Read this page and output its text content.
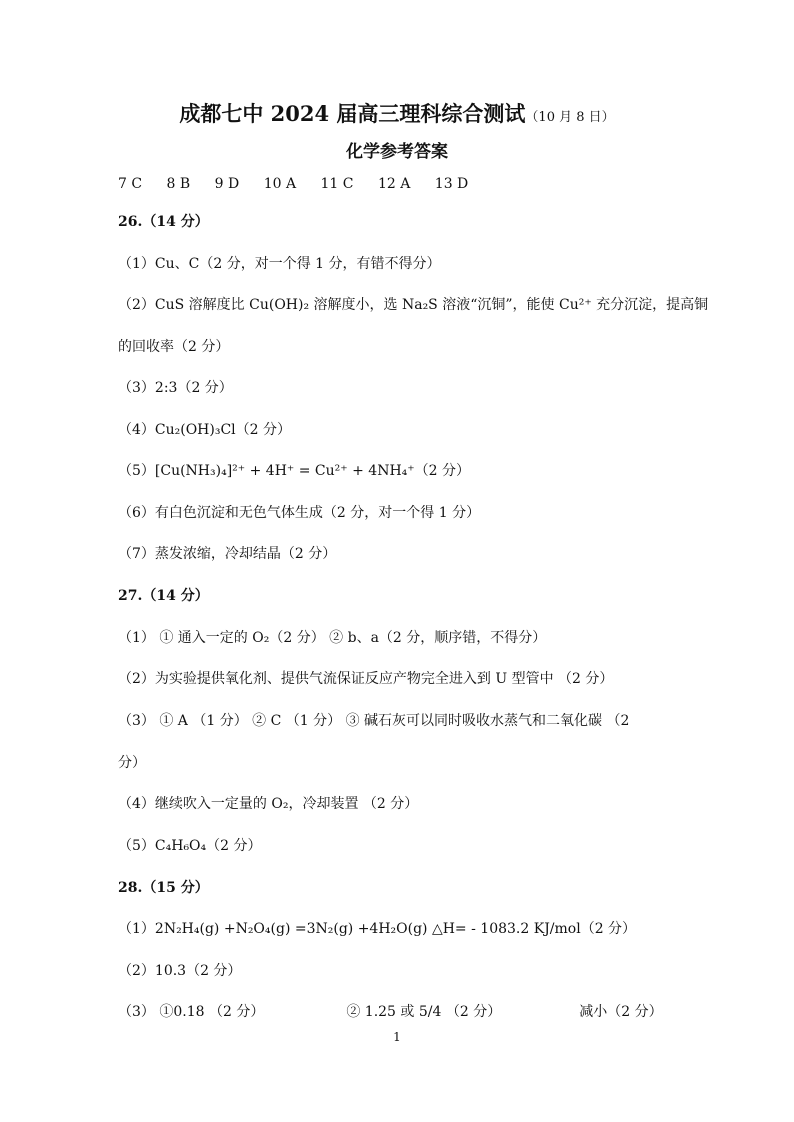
成都七中 2024 届高三理科综合测试（10 月 8 日）
化学参考答案
7 C 8 B 9 D 10 A 11 C 12 A 13 D
26.（14 分）
（1）Cu、C（2 分，对一个得 1 分，有错不得分）
（2）CuS 溶解度比 Cu(OH)₂ 溶解度小，选 Na₂S 溶液“沉铜”，能使 Cu²⁺ 充分沉淀，提高铜
的回收率（2 分）
（3）2:3（2 分）
（4）Cu₂(OH)₃Cl（2 分）
（5）[Cu(NH₃)₄]²⁺ + 4H⁺ = Cu²⁺ + 4NH₄⁺（2 分）
（6）有白色沉淀和无色气体生成（2 分，对一个得 1 分）
（7）蒸发浓缩，冷却结晶（2 分）
27.（14 分）
（1） ① 通入一定的 O₂（2 分） ② b、a（2 分，顺序错，不得分）
（2）为实验提供氧化剂、提供气流保证反应产物完全进入到 U 型管中 （2 分）
（3） ① A （1 分） ② C （1 分） ③ 碱石灰可以同时吸收水蒸气和二氧化碳 （2
分）
（4）继续吹入一定量的 O₂，冷却装置 （2 分）
（5）C₄H₆O₄（2 分）
28.（15 分）
（1）2N₂H₄(g) +N₂O₄(g) =3N₂(g) +4H₂O(g) △H= - 1083.2 KJ/mol（2 分）
（2）10.3（2 分）
（3） ①0.18 （2 分）	② 1.25 或 5/4 （2 分）	减小（2 分）
1
